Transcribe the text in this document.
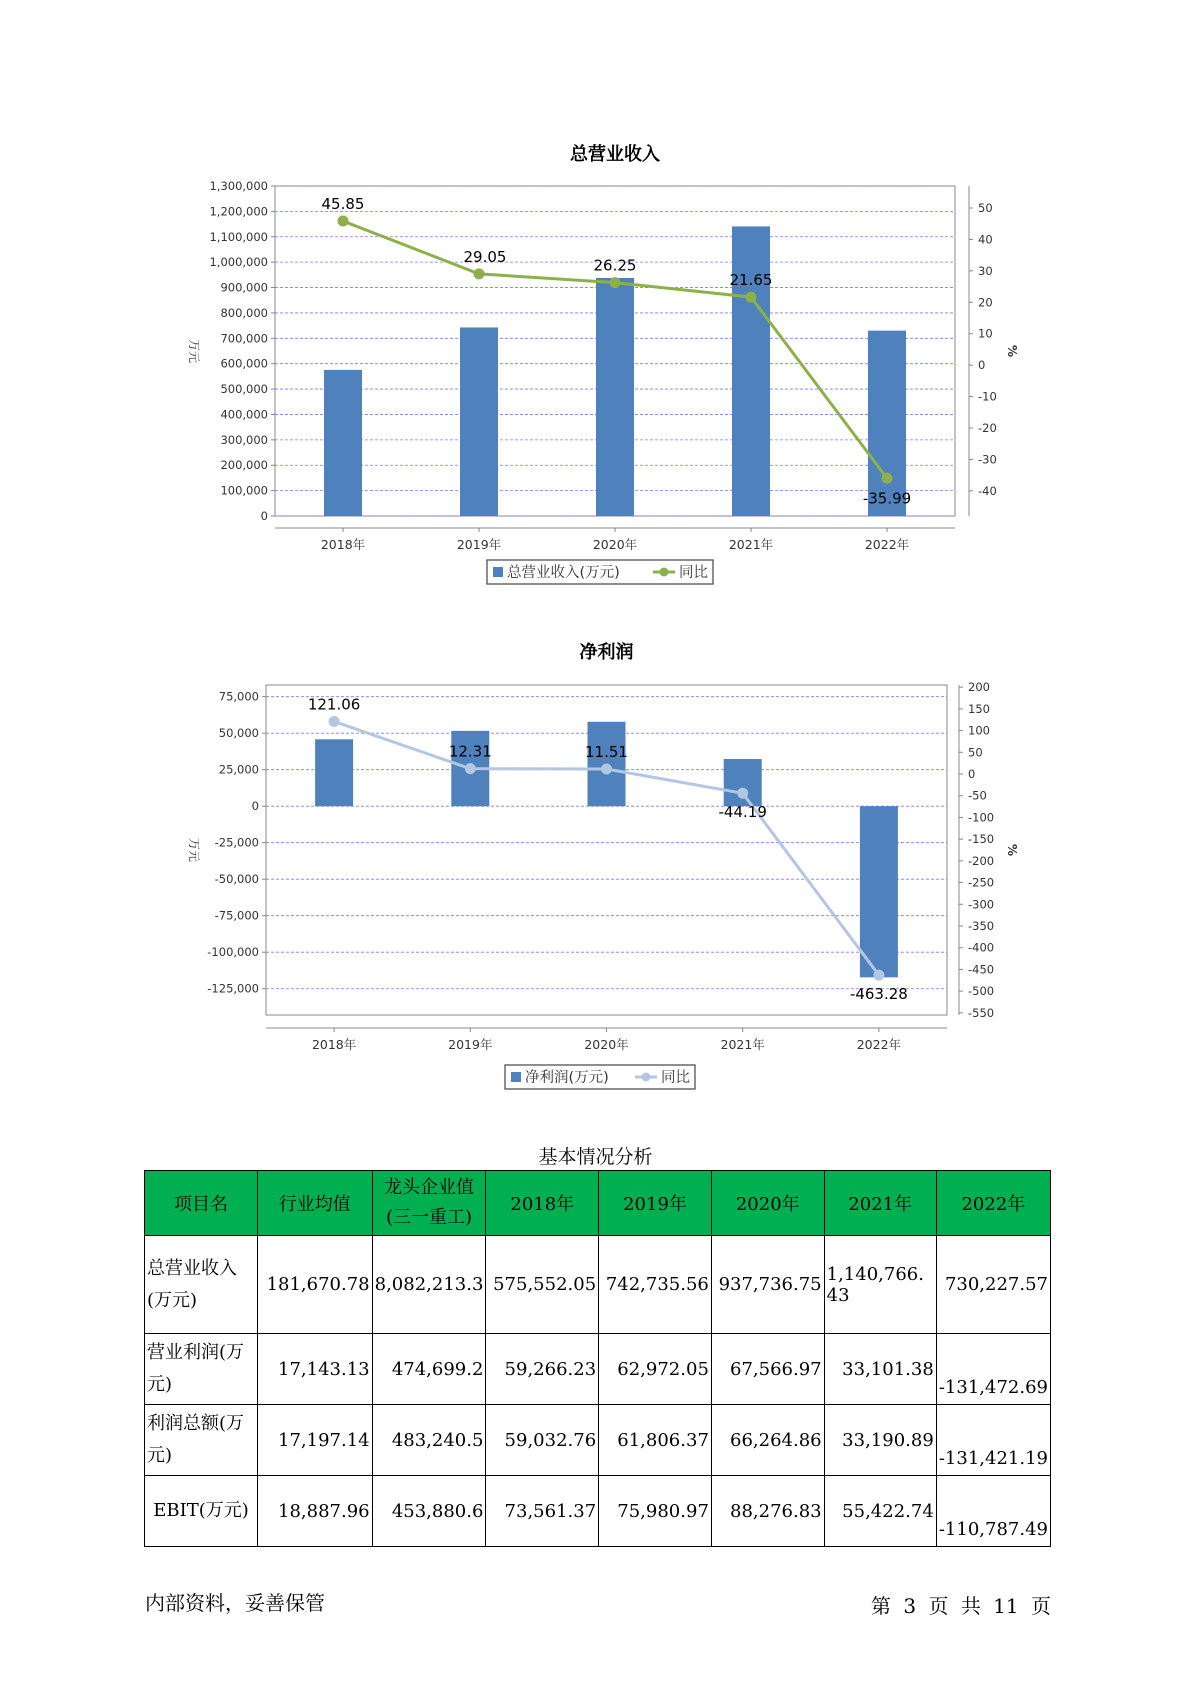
总营业收入
0
100,000
200,000
300,000
400,000
500,000
600,000
700,000
800,000
900,000
1,000,000
1,100,000
1,200,000
1,300,000
-40
-30
-20
-10
0
10
20
30
40
50
万元	%
2018年	2019年	2020年	2021年	2022年
45.85
29.05	26.25
21.65
-35.99
总营业收入(万元)	同比
净利润
-125,000
-100,000
-75,000
-50,000
-25,000
0
25,000
50,000
75,000
-550
-500
-450
-400
-350
-300
-250
-200
-150
-100
-50
0
50
100
150
200
万元	%
2018年	2019年	2020年	2021年	2022年
121.06
12.31	11.51
-44.19
-463.28
净利润(万元)	同比
基本情况分析
项目名	行业均值	龙头企业值(三一重工)	2018年	2019年	2020年	2021年	2022年
总营业收入(万元)	181,670.78	8,082,213.3	575,552.05	742,735.56	937,736.75	1,140,766.43	730,227.57
营业利润(万元)	17,143.13	474,699.2	59,266.23	62,972.05	67,566.97	33,101.38	-131,472.69
利润总额(万元)	17,197.14	483,240.5	59,032.76	61,806.37	66,264.86	33,190.89	-131,421.19
EBIT(万元)	18,887.96	453,880.6	73,561.37	75,980.97	88,276.83	55,422.74	-110,787.49
内部资料，妥善保管	第 3 页 共 11 页
